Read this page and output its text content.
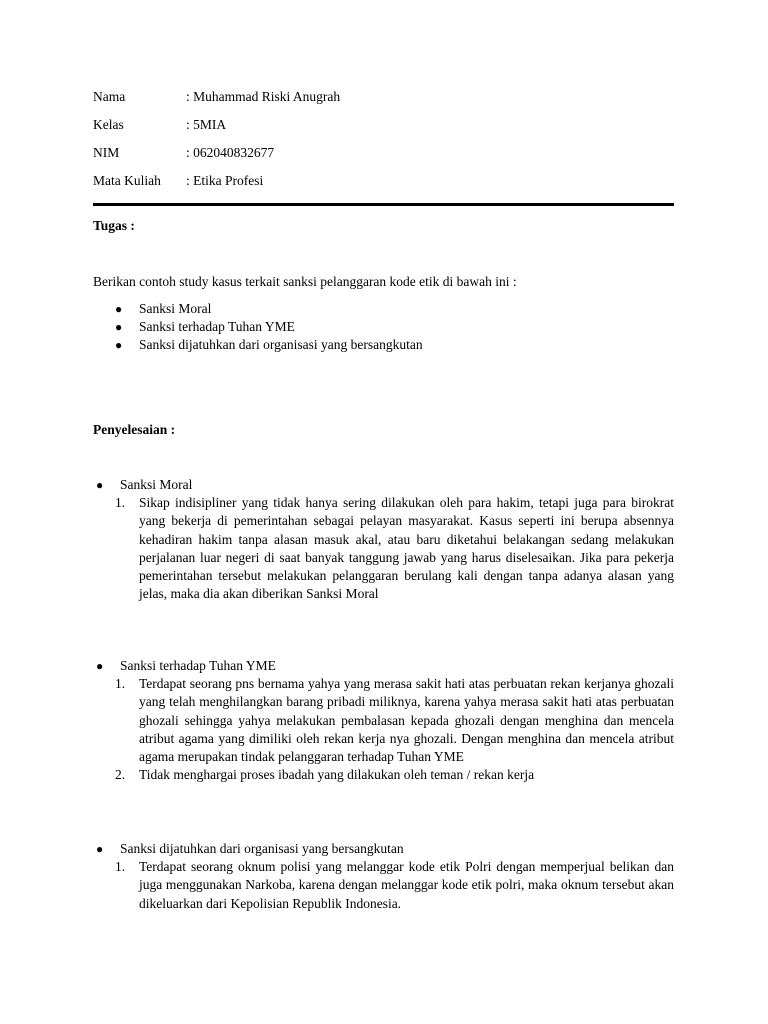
Nama	: Muhammad Riski Anugrah
Kelas	: 5MIA
NIM	: 062040832677
Mata Kuliah	: Etika Profesi
Tugas :
Berikan contoh study kasus terkait sanksi pelanggaran kode etik di bawah ini :
● Sanksi Moral
● Sanksi terhadap Tuhan YME
● Sanksi dijatuhkan dari organisasi yang bersangkutan
Penyelesaian :
● Sanksi Moral
1. Sikap indisipliner yang tidak hanya sering dilakukan oleh para hakim, tetapi juga para birokrat yang bekerja di pemerintahan sebagai pelayan masyarakat. Kasus seperti ini berupa absennya kehadiran hakim tanpa alasan masuk akal, atau baru diketahui belakangan sedang melakukan perjalanan luar negeri di saat banyak tanggung jawab yang harus diselesaikan. Jika para pekerja pemerintahan tersebut melakukan pelanggaran berulang kali dengan tanpa adanya alasan yang jelas, maka dia akan diberikan Sanksi Moral
● Sanksi terhadap Tuhan YME
1. Terdapat seorang pns bernama yahya yang merasa sakit hati atas perbuatan rekan kerjanya ghozali yang telah menghilangkan barang pribadi miliknya, karena yahya merasa sakit hati atas perbuatan ghozali sehingga yahya melakukan pembalasan kepada ghozali dengan menghina dan mencela atribut agama yang dimiliki oleh rekan kerja nya ghozali. Dengan menghina dan mencela atribut agama merupakan tindak pelanggaran terhadap Tuhan YME
2. Tidak menghargai proses ibadah yang dilakukan oleh teman / rekan kerja
● Sanksi dijatuhkan dari organisasi yang bersangkutan
1. Terdapat seorang oknum polisi yang melanggar kode etik Polri dengan memperjual belikan dan juga menggunakan Narkoba, karena dengan melanggar kode etik polri, maka oknum tersebut akan dikeluarkan dari Kepolisian Republik Indonesia.
